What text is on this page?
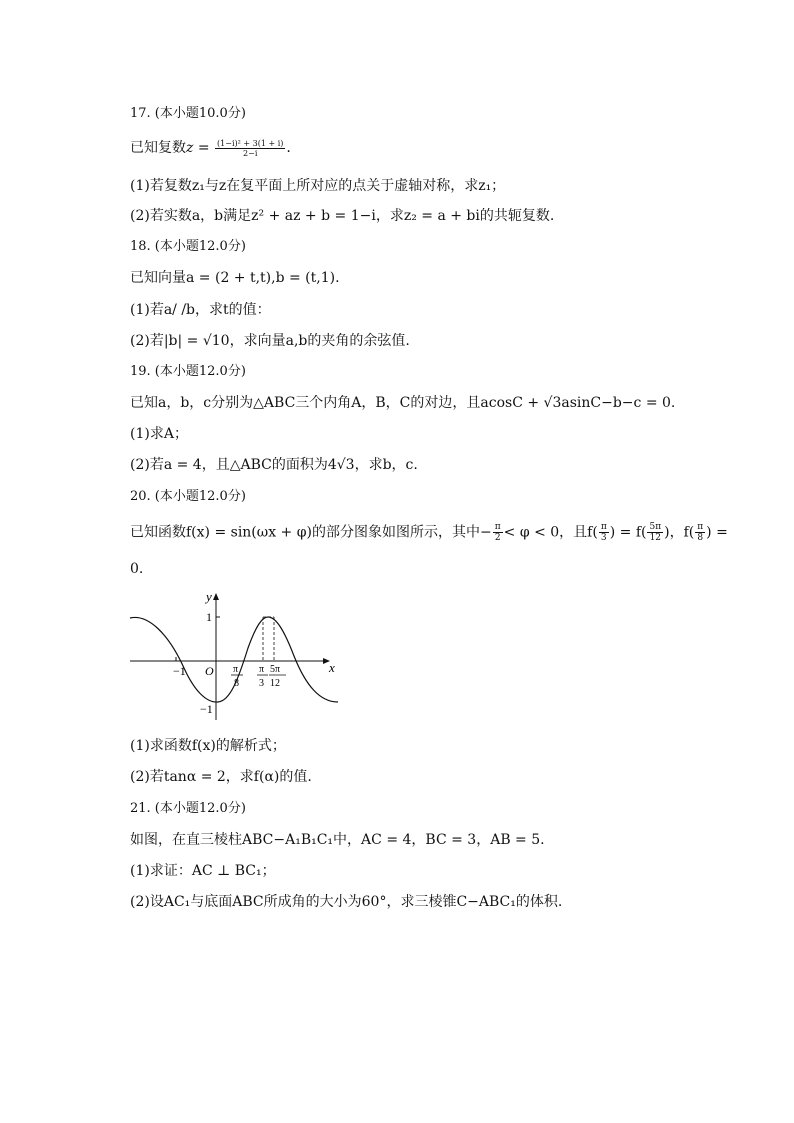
17. (本小题10.0分)
已知复数$z = \frac{\text{(1−i)² + 3(1 + i)}}{2-i}$ .
(1)若复数z₁与z在复平面上所对应的点关于虚轴对称，求z₁；
(2)若实数a，b满足z² + az + b = 1−i，求z₂ = a + bi的共轭复数.
18. (本小题12.0分)
已知向量a = (2 + t,t),b = (t,1).
(1)若a/ /b，求t的值：
(2)若|b| = √10，求向量a,b的夹角的余弦值.
19. (本小题12.0分)
已知a，b，c分别为△ABC三个内角A，B，C的对边，且acosC + √3asinC−b−c = 0.
(1)求A；
(2)若a = 4，且△ABC的面积为4√3，求b，c.
20. (本小题12.0分)
已知函数f(x) = sin(ωx + φ)的部分图象如图所示，其中− $\frac{\pi}{2} < \varphi < 0$，且$f( \frac{\pi}{3}$ ) = $f( \frac{5\pi}{12}$ )，$f( \frac{\pi}{8}$ ) =
0.
y
x
O
1
−1
−1	π
8
π
3
5π
12
(1)求函数f(x)的解析式；
(2)若tanα = 2，求f(α)的值.
21. (本小题12.0分)
如图，在直三棱柱ABC−A₁B₁C₁中，AC = 4，BC = 3，AB = 5.
(1)求证：AC ⊥ BC₁；
(2)设AC₁与底面ABC所成角的大小为60°，求三棱锥C−ABC₁的体积.
